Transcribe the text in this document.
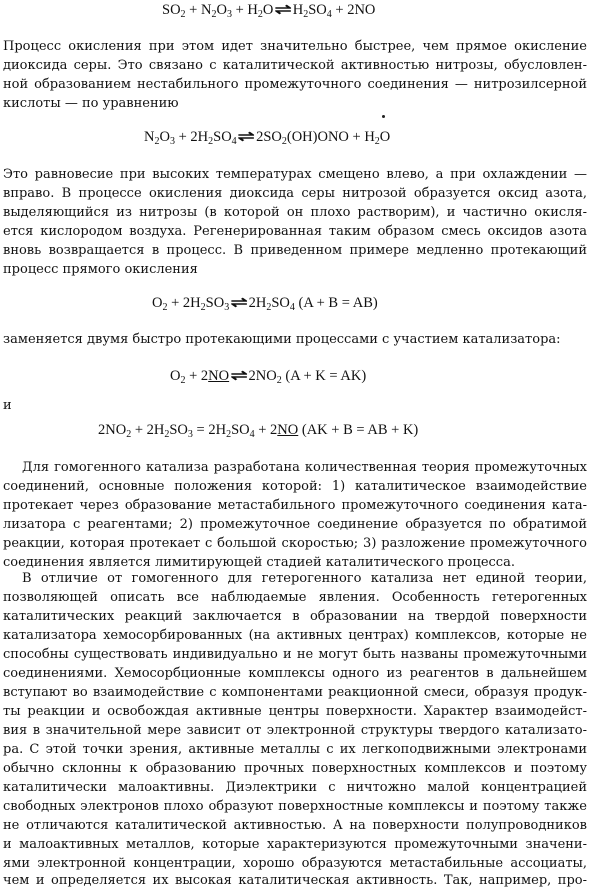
$SO_2 + N_2O_3 + H_2O$ ⇌ $H_2SO_4 + 2NO$
Процесс окисления при этом идет значительно быстрее, чем прямое окисление
диоксида серы. Это связано с каталитической активностью нитрозы, обусловлен-
ной образованием нестабильного промежуточного соединения — нитрозилсерной
кислоты — по уравнению
$N_2O_3 + 2H_2SO_4$ ⇌ $2SO_2(OH)ONO + H_2O$
Это равновесие при высоких температурах смещено влево, а при охлаждении —
вправо. В процессе окисления диоксида серы нитрозой образуется оксид азота,
выделяющийся из нитрозы (в которой он плохо растворим), и частично окисля-
ется кислородом воздуха. Регенерированная таким образом смесь оксидов азота
вновь возвращается в процесс. В приведенном примере медленно протекающий
процесс прямого окисления
$O_2 + 2H_2SO_3$ ⇌ $2H_2SO_4$ (A + B = AB)
заменяется двумя быстро протекающими процессами с участием катализатора:
$O_2 + 2NO$ ⇌ $2NO_2$ (A + K = AK)
и
$2NO_2 + 2H_2SO_3 = 2H_2SO_4 + 2NO$ (AK + B = AB + K)
Для гомогенного катализа разработана количественная теория промежуточных
соединений, основные положения которой: 1) каталитическое взаимодействие
протекает через образование метастабильного промежуточного соединения ката-
лизатора с реагентами; 2) промежуточное соединение образуется по обратимой
реакции, которая протекает с большой скоростью; 3) разложение промежуточного
соединения является лимитирующей стадией каталитического процесса.
В отличие от гомогенного для гетерогенного катализа нет единой теории,
позволяющей описать все наблюдаемые явления. Особенность гетерогенных
каталитических реакций заключается в образовании на твердой поверхности
катализатора хемосорбированных (на активных центрах) комплексов, которые не
способны существовать индивидуально и не могут быть названы промежуточными
соединениями. Хемосорбционные комплексы одного из реагентов в дальнейшем
вступают во взаимодействие с компонентами реакционной смеси, образуя продук-
ты реакции и освобождая активные центры поверхности. Характер взаимодейст-
вия в значительной мере зависит от электронной структуры твердого катализато-
ра. С этой точки зрения, активные металлы с их легкоподвижными электронами
обычно склонны к образованию прочных поверхностных комплексов и поэтому
каталитически малоактивны. Диэлектрики с ничтожно малой концентрацией
свободных электронов плохо образуют поверхностные комплексы и поэтому также
не отличаются каталитической активностью. А на поверхности полупроводников
и малоактивных металлов, которые характеризуются промежуточными значени-
ями электронной концентрации, хорошо образуются метастабильные ассоциаты,
чем и определяется их высокая каталитическая активность. Так, например, про-
